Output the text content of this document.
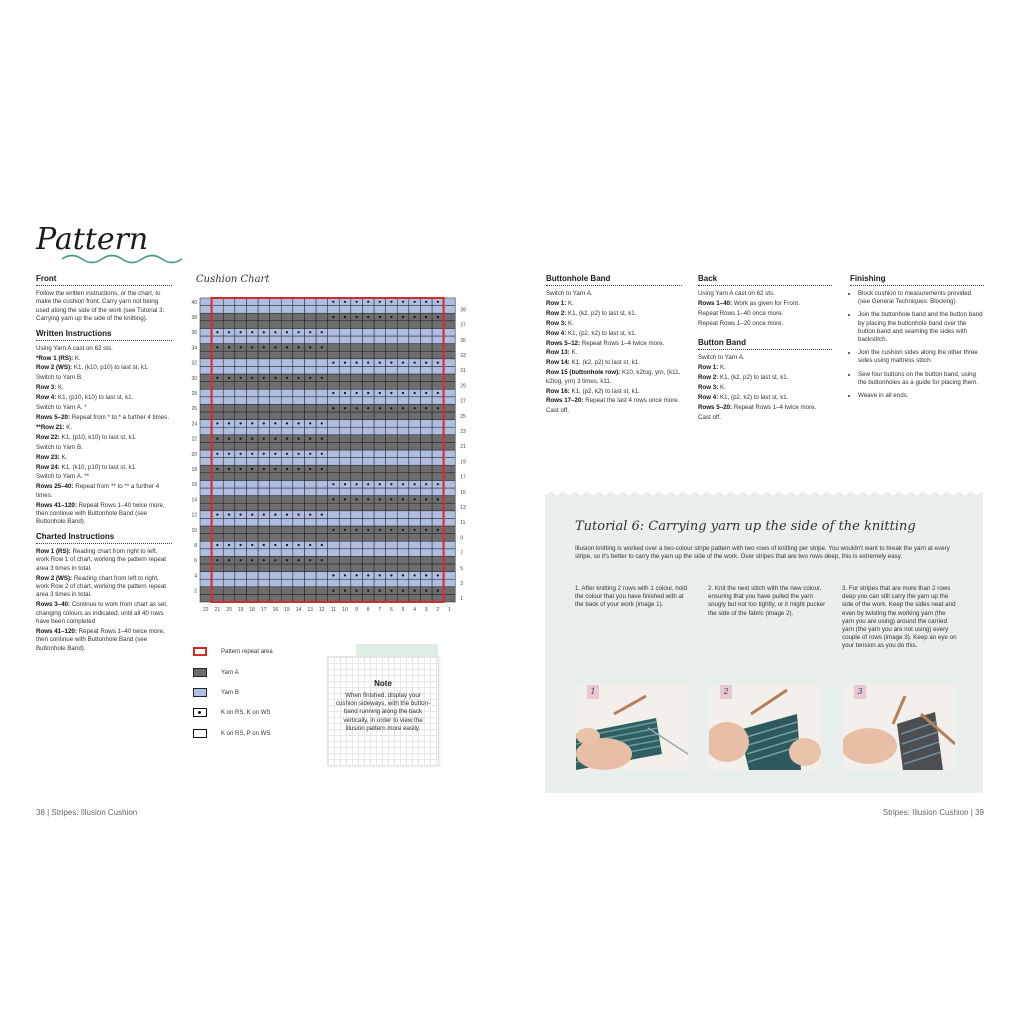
Pattern
Front
Follow the written instructions, or the chart, to make the cushion front. Carry yarn not being used along the side of the work (see Tutorial 3: Carrying yarn up the side of the knitting).
Written Instructions

Using Yarn A cast on 62 sts.

*Row 1 (RS): K.

Row 2 (WS): K1, (k10, p10) to last st, k1.

Switch to Yarn B.

Row 3: K.

Row 4: K1, (p10, k10) to last st, k1.

Switch to Yarn A. *

Rows 5–20: Repeat from * to * a further 4 times.

**Row 21: K.

Row 22: K1, (p10, k10) to last st, k1.

Switch to Yarn B.

Row 23: K.

Row 24: K1, (k10, p10) to last st, k1.

Switch to Yarn A. **

Rows 25–40: Repeat from ** to ** a further 4 times.

Rows 41–120: Repeat Rows 1–40 twice more, then continue with Buttonhole Band (see Buttonhole Band).

Charted Instructions

Row 1 (RS): Reading chart from right to left, work Row 1 of chart, working the pattern repeat area 3 times in total.

Row 2 (WS): Reading chart from left to right, work Row 2 of chart, working the pattern repeat area 3 times in total.

Rows 3–40: Continue to work from chart as set, changing colours as indicated, until all 40 rows have been completed

Rows 41–120: Repeat Rows 1–40 twice more, then continue with Buttonhole Band (see Buttonhole Band).

Cushion Chart
39
37
35
33
31
29
27
25
23
21
19
17
15
13
11
9
7
5
3
1
40
38
36
34
32
30
28
26
24
22
20
18
16
14
12
10
8
6
4
2
22 21 20 19 18 17 16 15 14 13 12 11 10 9 8 7 6 5 4 3 2 1
Pattern repeat area
Yarn A
Yarn B
K on RS, K on WS
K on RS, P on WS
Note
When finished, display your cushion sideways, with the button-band running along the back vertically, in order to view the illusion pattern more easily.
38 | Stripes: Illusion Cushion
Buttonhole Band

Switch to Yarn A.

Row 1: K.

Row 2: K1, (k2, p2) to last st, k1.

Row 3: K.

Row 4: K1, (p2, k2) to last st, k1.

Rows 5–12: Repeat Rows 1–4 twice more.

Row 13: K.

Row 14: K1, (k2, p2) to last st, k1.

Row 15 (buttonhole row): K10, k2tog, yrn, (k11, k2tog, yrn) 3 times, k11.

Row 16: K1, (p2, k2) to last st, k1.

Rows 17–20: Repeat the last 4 rows once more.

Cast off.

Back

Using Yarn A cast on 62 sts.

Rows 1–40: Work as given for Front.

Repeat Rows 1–40 once more.

Repeat Rows 1–20 once more.

Button Band

Switch to Yarn A.

Row 1: K.

Row 2: K1, (k2, p2) to last st, k1.

Row 3: K.

Row 4: K1, (p2, k2) to last st, k1.

Rows 5–20: Repeat Rows 1–4 twice more.

Cast off.

Finishing
• Block cushion to measurements provided (see General Techniques: Blocking).
• Join the buttonhole band and the button band by placing the buttonhole band over the button band and seaming the sides with backstitch.
• Join the cushion sides along the other three sides using mattress stitch.
• Sew four buttons on the button band, using the buttonholes as a guide for placing them.
• Weave in all ends.
Tutorial 6: Carrying yarn up the side of the knitting
Illusion knitting is worked over a two-colour stripe pattern with two rows of knitting per stripe. You wouldn't want to break the yarn at every stripe, so it's better to carry the yarn up the side of the work. Over stripes that are two rows deep, this is extremely easy.
1. After knitting 2 rows with 1 colour, hold the colour that you have finished with at the back of your work (image 1).
2. Knit the next stitch with the new colour, ensuring that you have pulled the yarn snugly but not too tightly, or it might pucker the side of the fabric (image 2).
3. For stripes that are more than 2 rows deep you can still carry the yarn up the side of the work. Keep the sides neat and even by twisting the working yarn (the yarn you are using) around the carried yarn (the yarn you are not using) every couple of rows (image 3). Keep an eye on your tension as you do this.
1	2	3
Stripes: Illusion Cushion | 39
